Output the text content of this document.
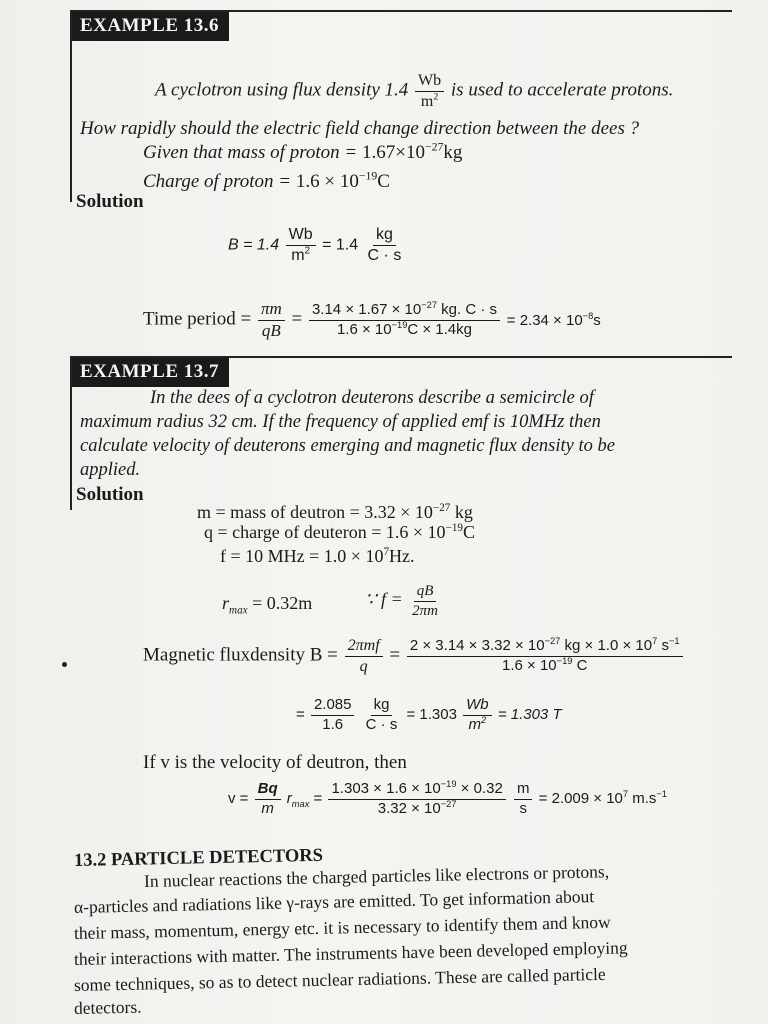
EXAMPLE 13.6
A cyclotron using flux density $1.4 \frac{Wb}{m^2}$ is used to accelerate protons.
How rapidly should the electric field change direction between the dees ?
Given that mass of proton = $1.67\times 10^{-27}kg$
Charge of proton = $1.6 \times 10^{-19}C$
Solution
$B = 1.4 \frac{Wb}{m^2} = 1.4 \frac{kg}{C \cdot s}$
Time period = $\frac{\pi m}{qB} = \frac{3.14 \times 1.67 \times 10^{-27} kg. C \cdot s}{1.6 \times 10^{-19}C \times 1.4kg} = 2.34 \times 10^{-8}s$
EXAMPLE 13.7
In the dees of a cyclotron deuterons describe a semicircle of
maximum radius 32 cm. If the frequency of applied emf is 10MHz then
calculate velocity of deuterons emerging and magnetic flux density to be
applied.
Solution
m = mass of deutron = $3.32 \times 10^{-27}$ kg
q = charge of deuteron = $1.6 \times 10^{-19}C$
f = 10 MHz = $1.0 \times 10^7Hz$.
$r_{max} = 0.32m$	∵ $f = \frac{qB}{2\pi m}$
Magnetic fluxdensity $B = \frac{\text{2πmf}}{q} = \frac{2 \times 3.14 \times 3.32 \times 10^{-27} kg \times 1.0 \times 10^7 s^{-1}}{1.6 \times 10^{-19} C}$
= $\frac{2.085}{1.6}$
$\frac{kg}{C \cdot s} = 1.303 \frac{Wb}{m^2} = 1.303$ T
If v is the velocity of deutron, then
$v = \frac{Bq}{m} r_{max} = \frac{1.303 \times 1.6 \times 10^{-19} \times 0.32}{3.32 \times 10^{-27}}$
$\frac{m}{s} = 2.009 \times 10^7$ $m.s^{-1}$
13.2 PARTICLE DETECTORS
In nuclear reactions the charged particles like electrons or protons,
α-particles and radiations like γ-rays are emitted. To get information about
their mass, momentum, energy etc. it is necessary to identify them and know
their interactions with matter. The instruments have been developed employing
some techniques, so as to detect nuclear radiations. These are called particle
detectors.
